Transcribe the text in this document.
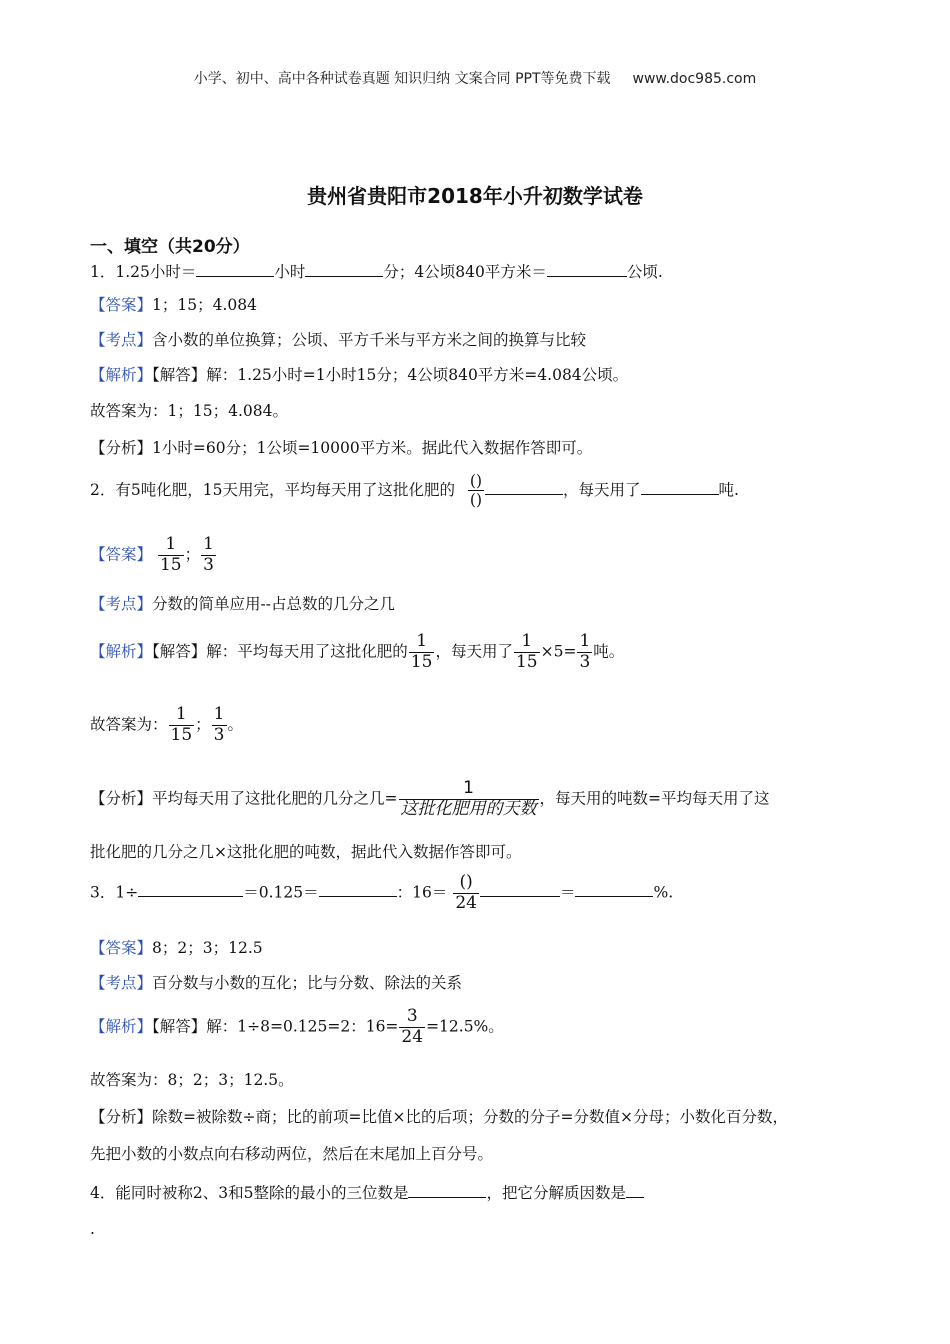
小学、初中、高中各种试卷真题 知识归纳 文案合同 PPT等免费下载 www.doc985.com
贵州省贵阳市2018年小升初数学试卷
一、填空（共20分）
1．1.25小时＝	小时	分；4公顷840平方米＝	公顷.
【答案】1；15；4.084
【考点】含小数的单位换算；公顷、平方千米与平方米之间的换算与比较
【解析】【解答】解：1.25小时=1小时15分；4公顷840平方米=4.084公顷。
故答案为：1；15；4.084。
【分析】1小时=60分；1公顷=10000平方米。据此代入数据作答即可。
2．有5吨化肥，15天用完，平均每天用了这批化肥的 $\frac{()}{()}$	，每天用了	吨.
【答案】 $\frac{1}{15}$ ； $\frac{1}{3}$
【考点】分数的简单应用--占总数的几分之几
【解析】【解答】解：平均每天用了这批化肥的 $\frac{1}{15}$ ，每天用了 $\frac{1}{15} \times 5= \frac{1}{3}$ 吨。
故答案为： $\frac{1}{15}$ ； $\frac{1}{3}$ 。
【分析】平均每天用了这批化肥的几分之几= $\frac{1}{\text{这批化肥用的天数}}$ ，每天用的吨数=平均每天用了这
批化肥的几分之几×这批化肥的吨数，据此代入数据作答即可。
3．1÷	＝0.125＝	：$16= \frac{()}{24}$	＝	%.
【答案】8；2；3；12.5
【考点】百分数与小数的互化；比与分数、除法的关系
【解析】【解答】解：1÷8=0.125=2：$16= \frac{3}{24} =12.5\%$。
故答案为：8；2；3；12.5。
【分析】除数=被除数÷商；比的前项=比值×比的后项；分数的分子=分数值×分母；小数化百分数，
先把小数的小数点向右移动两位，然后在末尾加上百分号。
4．能同时被称2、3和5整除的最小的三位数是	，把它分解质因数是
.
